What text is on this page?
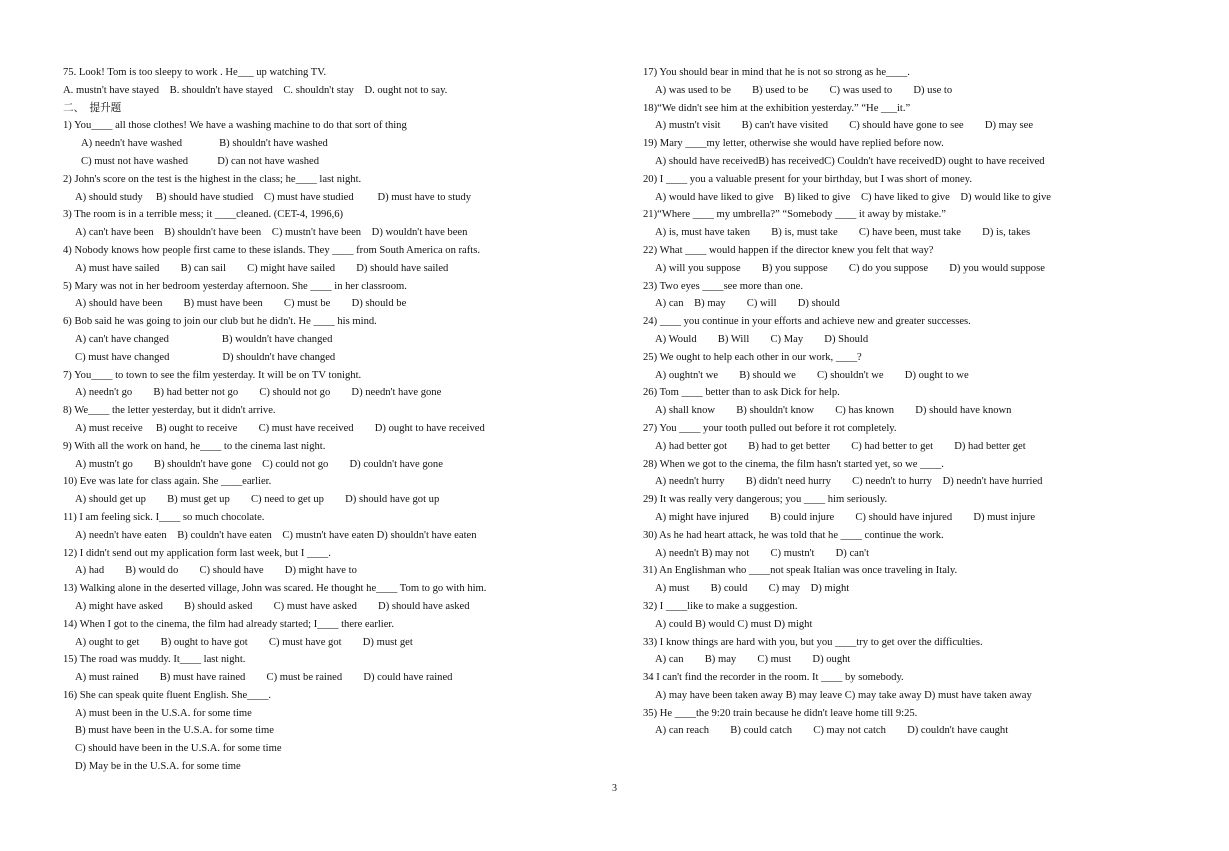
75. Look! Tom is too sleepy to work . He___ up watching TV.
A. mustn't have stayed    B. shouldn't have stayed    C. shouldn't stay    D. ought not to say.
二、  提升题
1) You____ all those clothes! We have a washing machine to do that sort of thing
A) needn't have washed              B) shouldn't have washed
C) must not have washed           D) can not have washed
2) John's score on the test is the highest in the class; he____ last night.
A) should study     B) should have studied    C) must have studied         D) must have to study
3) The room is in a terrible mess; it ____cleaned. (CET-4, 1996,6)
A) can't have been    B) shouldn't have been    C) mustn't have been    D) wouldn't have been
4) Nobody knows how people first came to these islands. They ____ from South America on rafts.
A) must have sailed        B) can sail        C) might have sailed        D) should have sailed
5) Mary was not in her bedroom yesterday afternoon. She ____ in her classroom.
A) should have been        B) must have been        C) must be        D) should be
6) Bob said he was going to join our club but he didn't. He ____ his mind.
A) can't have changed                    B) wouldn't have changed
C) must have changed                    D) shouldn't have changed
7) You____ to town to see the film yesterday. It will be on TV tonight.
A) needn't go        B) had better not go        C) should not go        D) needn't have gone
8) We____ the letter yesterday, but it didn't arrive.
A) must receive     B) ought to receive        C) must have received        D) ought to have received
9) With all the work on hand, he____ to the cinema last night.
A) mustn't go        B) shouldn't have gone    C) could not go        D) couldn't have gone
10) Eve was late for class again. She ____earlier.
A) should get up        B) must get up        C) need to get up        D) should have got up
11) I am feeling sick. I____ so much chocolate.
A) needn't have eaten    B) couldn't have eaten    C) mustn't have eaten D) shouldn't have eaten
12) I didn't send out my application form last week, but I ____.
A) had        B) would do        C) should have        D) might have to
13) Walking alone in the deserted village, John was scared. He thought he____ Tom to go with him.
A) might have asked        B) should asked        C) must have asked        D) should have asked
14) When I got to the cinema, the film had already started; I____ there earlier.
A) ought to get        B) ought to have got        C) must have got        D) must get
15) The road was muddy. It____ last night.
A) must rained        B) must have rained        C) must be rained        D) could have rained
16) She can speak quite fluent English. She____.
A) must been in the U.S.A. for some time
B) must have been in the U.S.A. for some time
C) should have been in the U.S.A. for some time
D) May be in the U.S.A. for some time
17) You should bear in mind that he is not so strong as he____.
A) was used to be        B) used to be        C) was used to        D) use to
18)“We didn't see him at the exhibition yesterday.” “He ___it.”
A) mustn't visit        B) can't have visited        C) should have gone to see        D) may see
19) Mary ____my letter, otherwise she would have replied before now.
A) should have receivedB) has receivedC) Couldn't have receivedD) ought to have received
20) I ____ you a valuable present for your birthday, but I was short of money.
A) would have liked to give    B) liked to give    C) have liked to give    D) would like to give
21)“Where ____ my umbrella?” “Somebody ____ it away by mistake.”
A) is, must have taken        B) is, must take        C) have been, must take        D) is, takes
22) What ____ would happen if the director knew you felt that way?
A) will you suppose        B) you suppose        C) do you suppose        D) you would suppose
23) Two eyes ____see more than one.
A) can    B) may        C) will        D) should
24) ____ you continue in your efforts and achieve new and greater successes.
A) Would        B) Will        C) May        D) Should
25) We ought to help each other in our work, ____?
A) oughtn't we        B) should we        C) shouldn't we        D) ought to we
26) Tom ____ better than to ask Dick for help.
A) shall know        B) shouldn't know        C) has known        D) should have known
27) You ____ your tooth pulled out before it rot completely.
A) had better got        B) had to get better        C) had better to get        D) had better get
28) When we got to the cinema, the film hasn't started yet, so we ____.
A) needn't hurry        B) didn't need hurry        C) needn't to hurry    D) needn't have hurried
29) It was really very dangerous; you ____ him seriously.
A) might have injured        B) could injure        C) should have injured        D) must injure
30) As he had heart attack, he was told that he ____ continue the work.
A) needn't B) may not        C) mustn't        D) can't
31) An Englishman who ____not speak Italian was once traveling in Italy.
A) must        B) could        C) may    D) might
32) I ____like to make a suggestion.
A) could B) would C) must D) might
33) I know things are hard with you, but you ____try to get over the difficulties.
A) can        B) may        C) must        D) ought
34 I can't find the recorder in the room. It ____ by somebody.
A) may have been taken away B) may leave C) may take away D) must have taken away
35) He ____the 9:20 train because he didn't leave home till 9:25.
A) can reach        B) could catch        C) may not catch        D) couldn't have caught
3
